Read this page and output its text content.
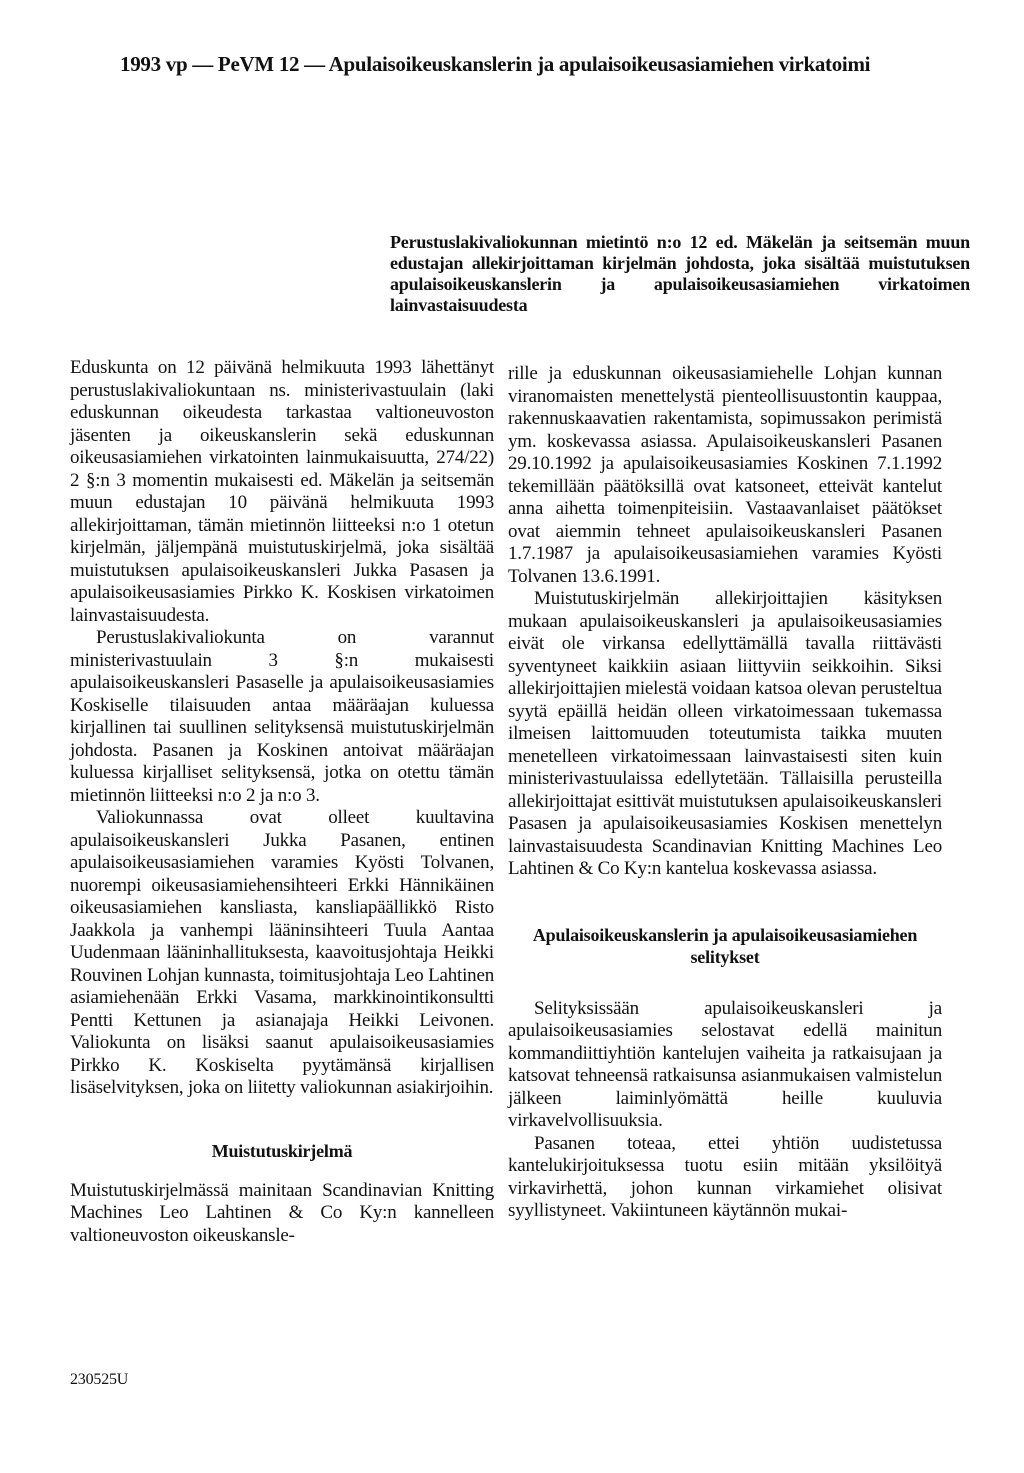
1993 vp — PeVM 12 — Apulaisoikeuskanslerin ja apulaisoikeusasiamiehen virkatoimi

Perustuslakivaliokunnan mietintö n:o 12 ed. Mäkelän ja seitsemän muun edustajan allekirjoittaman kirjelmän johdosta, joka sisältää muistutuksen apulaisoikeuskanslerin ja apulaisoikeusasiamiehen virkatoimen lainvastaisuudesta

Eduskunta on 12 päivänä helmikuuta 1993 lähettänyt perustuslakivaliokuntaan ns. ministerivastuulain (laki eduskunnan oikeudesta tarkastaa valtioneuvoston jäsenten ja oikeuskanslerin sekä eduskunnan oikeusasiamiehen virkatointen lainmukaisuutta, 274/22) 2 §:n 3 momentin mukaisesti ed. Mäkelän ja seitsemän muun edustajan 10 päivänä helmikuuta 1993 allekirjoittaman, tämän mietinnön liitteeksi n:o 1 otetun kirjelmän, jäljempänä muistutuskirjelmä, joka sisältää muistutuksen apulaisoikeuskansleri Jukka Pasasen ja apulaisoikeusasiamies Pirkko K. Koskisen virkatoimen lainvastaisuudesta.

Perustuslakivaliokunta on varannut ministerivastuulain 3 §:n mukaisesti apulaisoikeuskansleri Pasaselle ja apulaisoikeusasiamies Koskiselle tilaisuuden antaa määräajan kuluessa kirjallinen tai suullinen selityksensä muistutuskirjelmän johdosta. Pasanen ja Koskinen antoivat määräajan kuluessa kirjalliset selityksensä, jotka on otettu tämän mietinnön liitteeksi n:o 2 ja n:o 3.

Valiokunnassa ovat olleet kuultavina apulaisoikeuskansleri Jukka Pasanen, entinen apulaisoikeusasiamiehen varamies Kyösti Tolvanen, nuorempi oikeusasiamiehensihteeri Erkki Hännikäinen oikeusasiamiehen kansliasta, kansliapäällikkö Risto Jaakkola ja vanhempi lääninsihteeri Tuula Aantaa Uudenmaan lääninhallituksesta, kaavoitusjohtaja Heikki Rouvinen Lohjan kunnasta, toimitusjohtaja Leo Lahtinen asiamiehenään Erkki Vasama, markkinointikonsultti Pentti Kettunen ja asianajaja Heikki Leivonen. Valiokunta on lisäksi saanut apulaisoikeusasiamies Pirkko K. Koskiselta pyytämänsä kirjallisen lisäselvityksen, joka on liitetty valiokunnan asiakirjoihin.

Muistutuskirjelmä

Muistutuskirjelmässä mainitaan Scandinavian Knitting Machines Leo Lahtinen & Co Ky:n kannelleen valtioneuvoston oikeuskansle-

rille ja eduskunnan oikeusasiamiehelle Lohjan kunnan viranomaisten menettelystä pienteollisuustontin kauppaa, rakennuskaavatien rakentamista, sopimussakon perimistä ym. koskevassa asiassa. Apulaisoikeuskansleri Pasanen 29.10.1992 ja apulaisoikeusasiamies Koskinen 7.1.1992 tekemillään päätöksillä ovat katsoneet, etteivät kantelut anna aihetta toimenpiteisiin. Vastaavanlaiset päätökset ovat aiemmin tehneet apulaisoikeuskansleri Pasanen 1.7.1987 ja apulaisoikeusasiamiehen varamies Kyösti Tolvanen 13.6.1991.

Muistutuskirjelmän allekirjoittajien käsityksen mukaan apulaisoikeuskansleri ja apulaisoikeusasiamies eivät ole virkansa edellyttämällä tavalla riittävästi syventyneet kaikkiin asiaan liittyviin seikkoihin. Siksi allekirjoittajien mielestä voidaan katsoa olevan perusteltua syytä epäillä heidän olleen virkatoimessaan tukemassa ilmeisen laittomuuden toteutumista taikka muuten menetelleen virkatoimessaan lainvastaisesti siten kuin ministerivastuulaissa edellytetään. Tällaisilla perusteilla allekirjoittajat esittivät muistutuksen apulaisoikeuskansleri Pasasen ja apulaisoikeusasiamies Koskisen menettelyn lainvastaisuudesta Scandinavian Knitting Machines Leo Lahtinen & Co Ky:n kantelua koskevassa asiassa.

Apulaisoikeuskanslerin ja apulaisoikeusasiamiehen selitykset

Selityksissään apulaisoikeuskansleri ja apulaisoikeusasiamies selostavat edellä mainitun kommandiittiyhtiön kantelujen vaiheita ja ratkaisujaan ja katsovat tehneensä ratkaisunsa asianmukaisen valmistelun jälkeen laiminlyömättä heille kuuluvia virkavelvollisuuksia.

Pasanen toteaa, ettei yhtiön uudistetussa kantelukirjoituksessa tuotu esiin mitään yksilöityä virkavirhettä, johon kunnan virkamiehet olisivat syyllistyneet. Vakiintuneen käytännön mukai-

230525U
